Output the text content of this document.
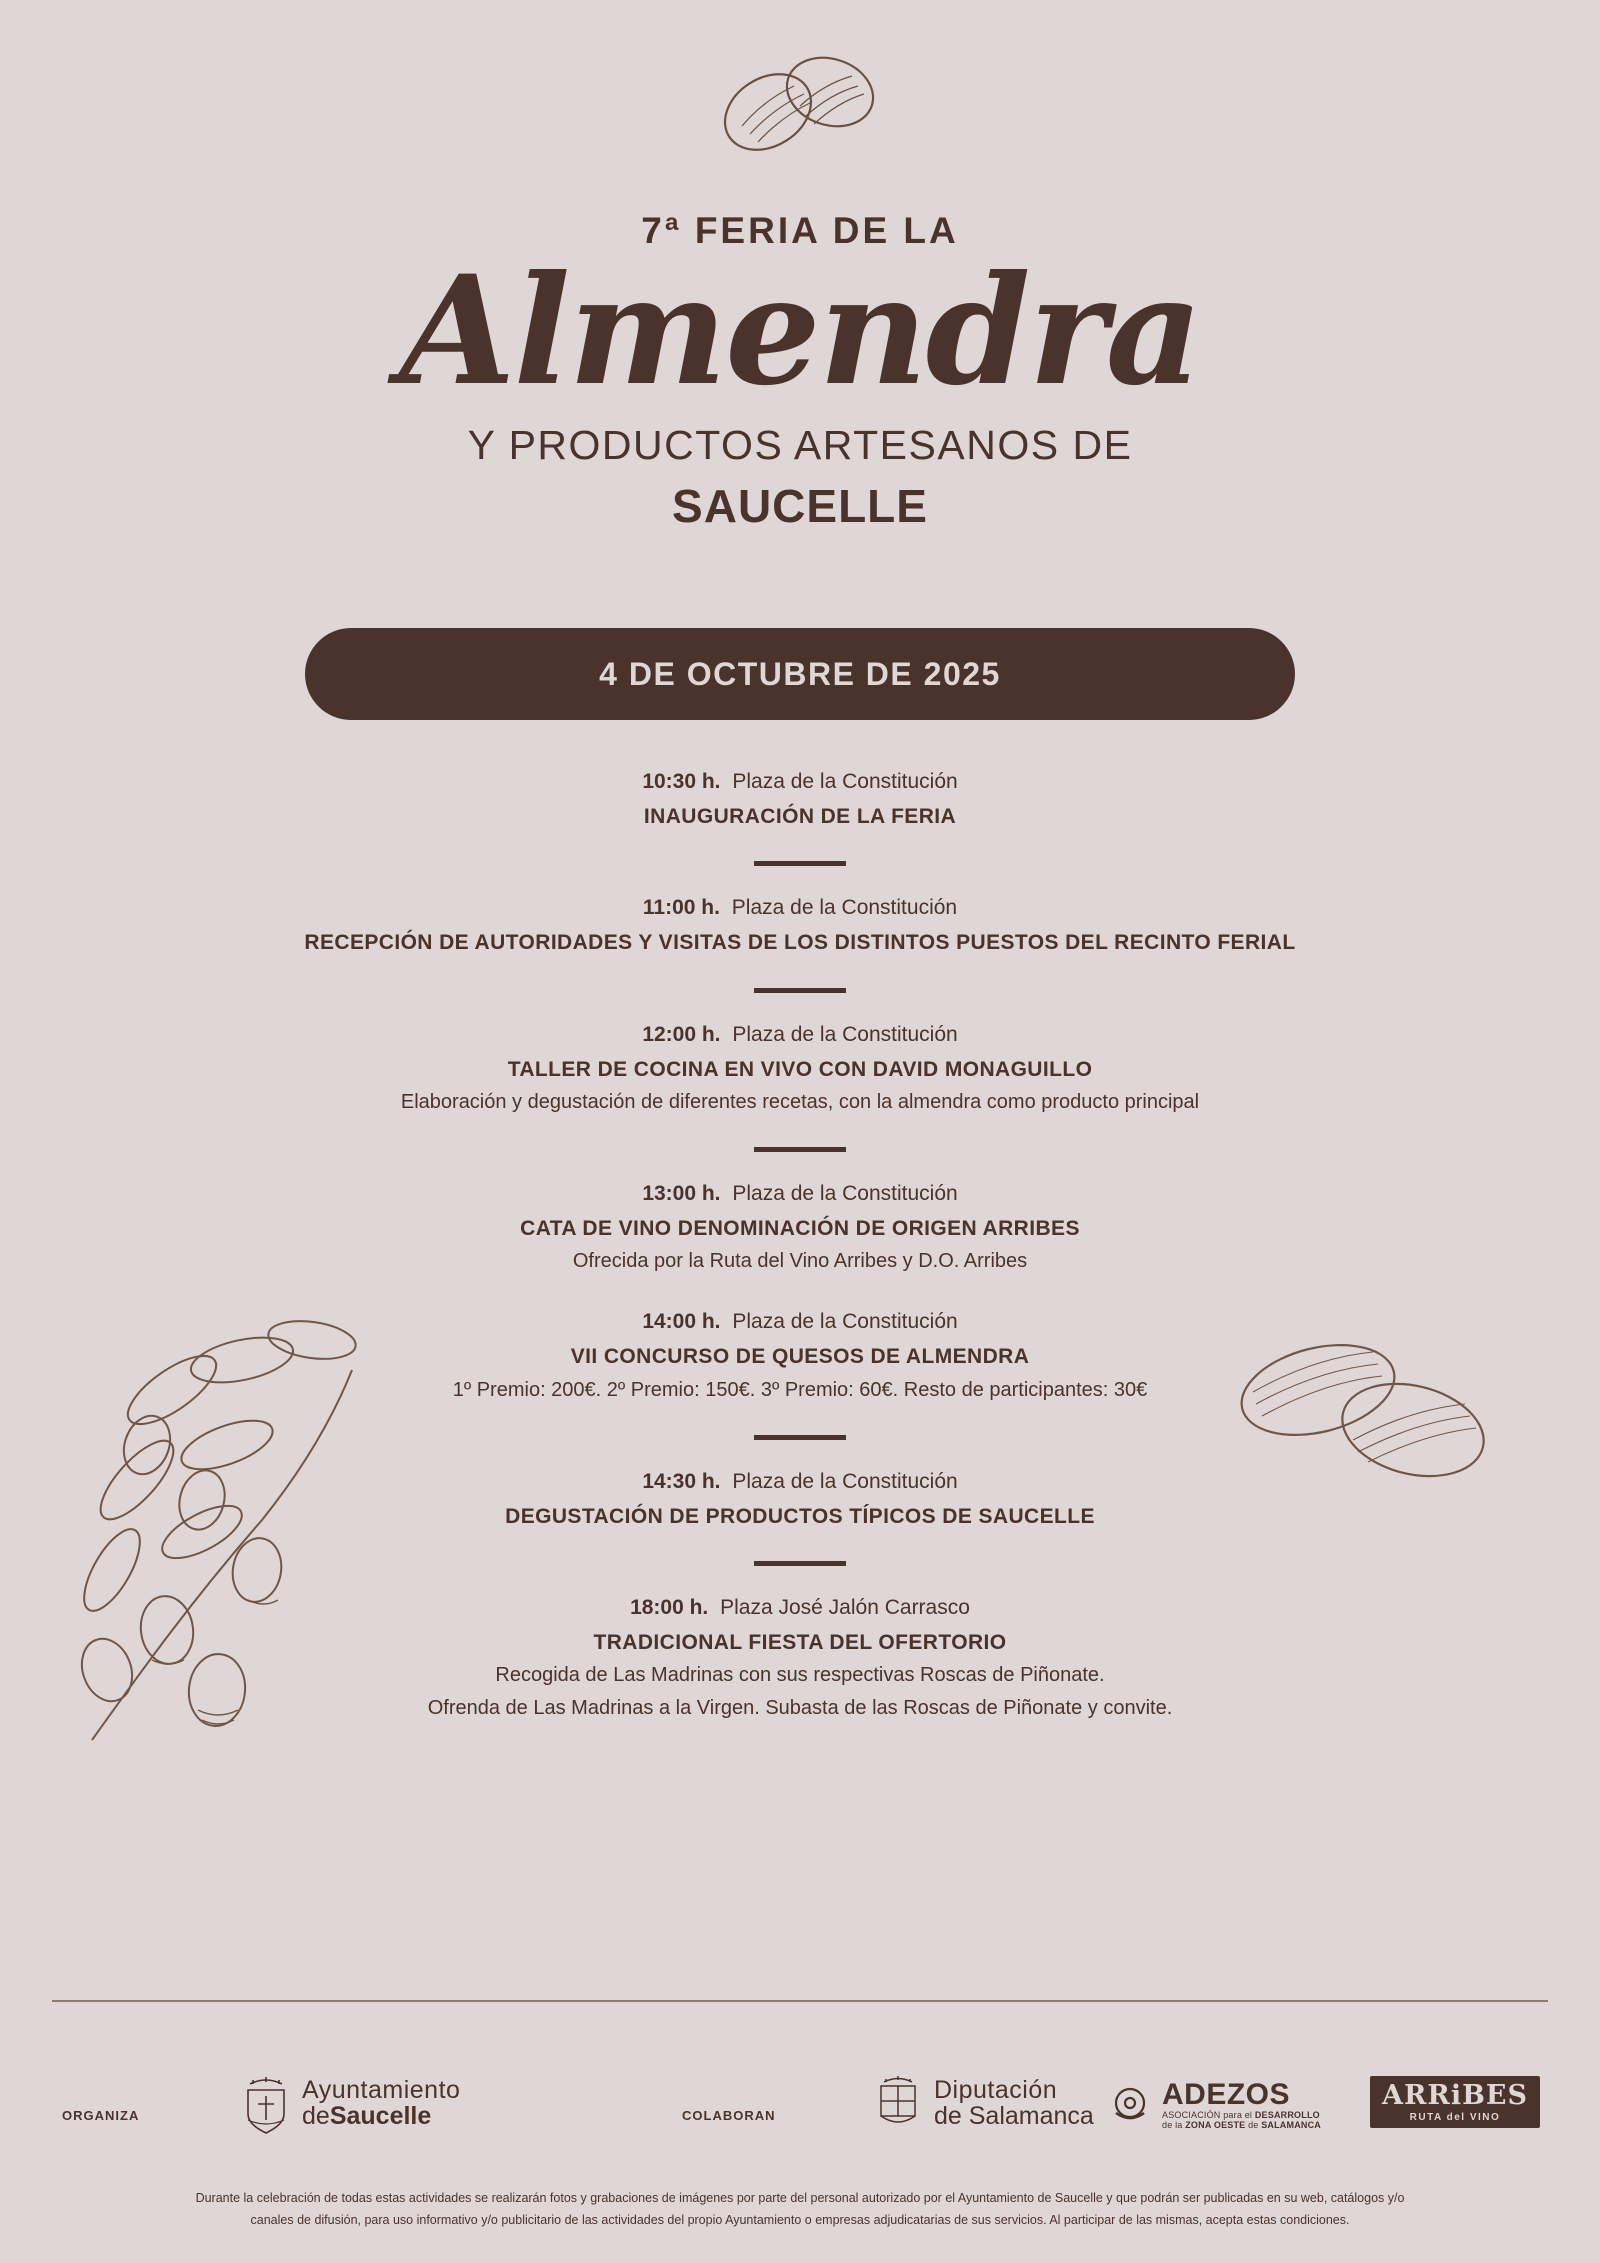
7ª FERIA DE LA

Almendra

Y PRODUCTOS ARTESANOS DE

SAUCELLE

4 DE OCTUBRE DE 2025
10:30 h. Plaza de la Constitución
INAUGURACIÓN DE LA FERIA
11:00 h. Plaza de la Constitución
RECEPCIÓN DE AUTORIDADES Y VISITAS DE LOS DISTINTOS PUESTOS DEL RECINTO FERIAL
12:00 h. Plaza de la Constitución
TALLER DE COCINA EN VIVO CON DAVID MONAGUILLO
Elaboración y degustación de diferentes recetas, con la almendra como producto principal
13:00 h. Plaza de la Constitución
CATA DE VINO DENOMINACIÓN DE ORIGEN ARRIBES
Ofrecida por la Ruta del Vino Arribes y D.O. Arribes
14:00 h. Plaza de la Constitución
VII CONCURSO DE QUESOS DE ALMENDRA
1º Premio: 200€. 2º Premio: 150€. 3º Premio: 60€. Resto de participantes: 30€
14:30 h. Plaza de la Constitución
DEGUSTACIÓN DE PRODUCTOS TÍPICOS DE SAUCELLE
18:00 h. Plaza José Jalón Carrasco
TRADICIONAL FIESTA DEL OFERTORIO
Recogida de Las Madrinas con sus respectivas Roscas de Piñonate.
Ofrenda de Las Madrinas a la Virgen. Subasta de las Roscas de Piñonate y convite.
ORGANIZA	COLABORAN
Ayuntamiento
deSaucelle
Diputación
de Salamanca
ADEZOS
ASOCIACIÓN para el DESARROLLO
de la ZONA OESTE de SALAMANCA
ARRiBES
RUTA del VINO
Durante la celebración de todas estas actividades se realizarán fotos y grabaciones de imágenes por parte del personal autorizado por el Ayuntamiento de Saucelle y que podrán ser publicadas en su web, catálogos y/o
canales de difusión, para uso informativo y/o publicitario de las actividades del propio Ayuntamiento o empresas adjudicatarias de sus servicios. Al participar de las mismas, acepta estas condiciones.
